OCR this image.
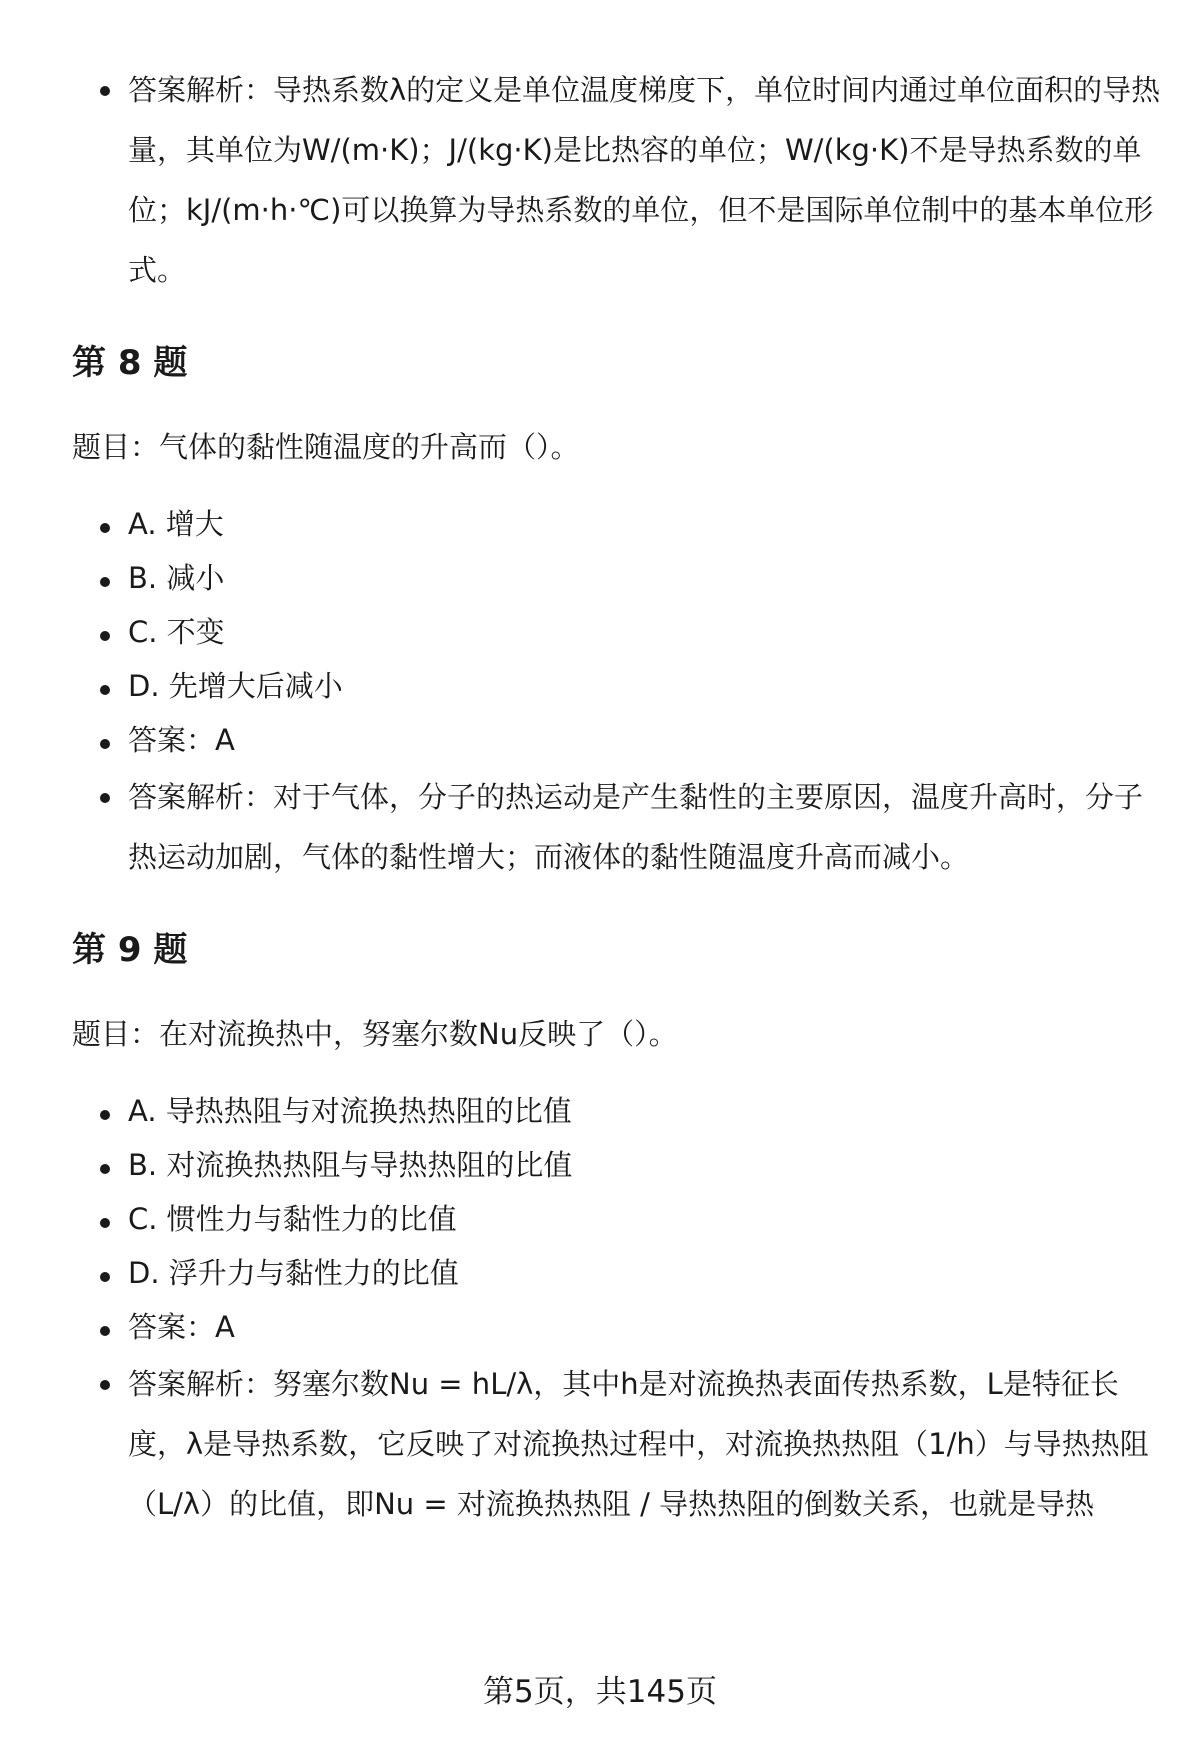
答案解析：导热系数λ的定义是单位温度梯度下，单位时间内通过单位面积的导热量，其单位为W/(m·K)；J/(kg·K)是比热容的单位；W/(kg·K)不是导热系数的单位；kJ/(m·h·℃)可以换算为导热系数的单位，但不是国际单位制中的基本单位形式。
第 8 题
题目：气体的黏性随温度的升高而（）。
A. 增大
B. 减小
C. 不变
D. 先增大后减小
答案：A
答案解析：对于气体，分子的热运动是产生黏性的主要原因，温度升高时，分子热运动加剧，气体的黏性增大；而液体的黏性随温度升高而减小。
第 9 题
题目：在对流换热中，努塞尔数Nu反映了（）。
A. 导热热阻与对流换热热阻的比值
B. 对流换热热阻与导热热阻的比值
C. 惯性力与黏性力的比值
D. 浮升力与黏性力的比值
答案：A
答案解析：努塞尔数Nu = hL/λ，其中h是对流换热表面传热系数，L是特征长度，λ是导热系数，它反映了对流换热过程中，对流换热热阻（1/h）与导热热阻（L/λ）的比值，即Nu = 对流换热热阻 / 导热热阻的倒数关系，也就是导热
第5页，共145页
